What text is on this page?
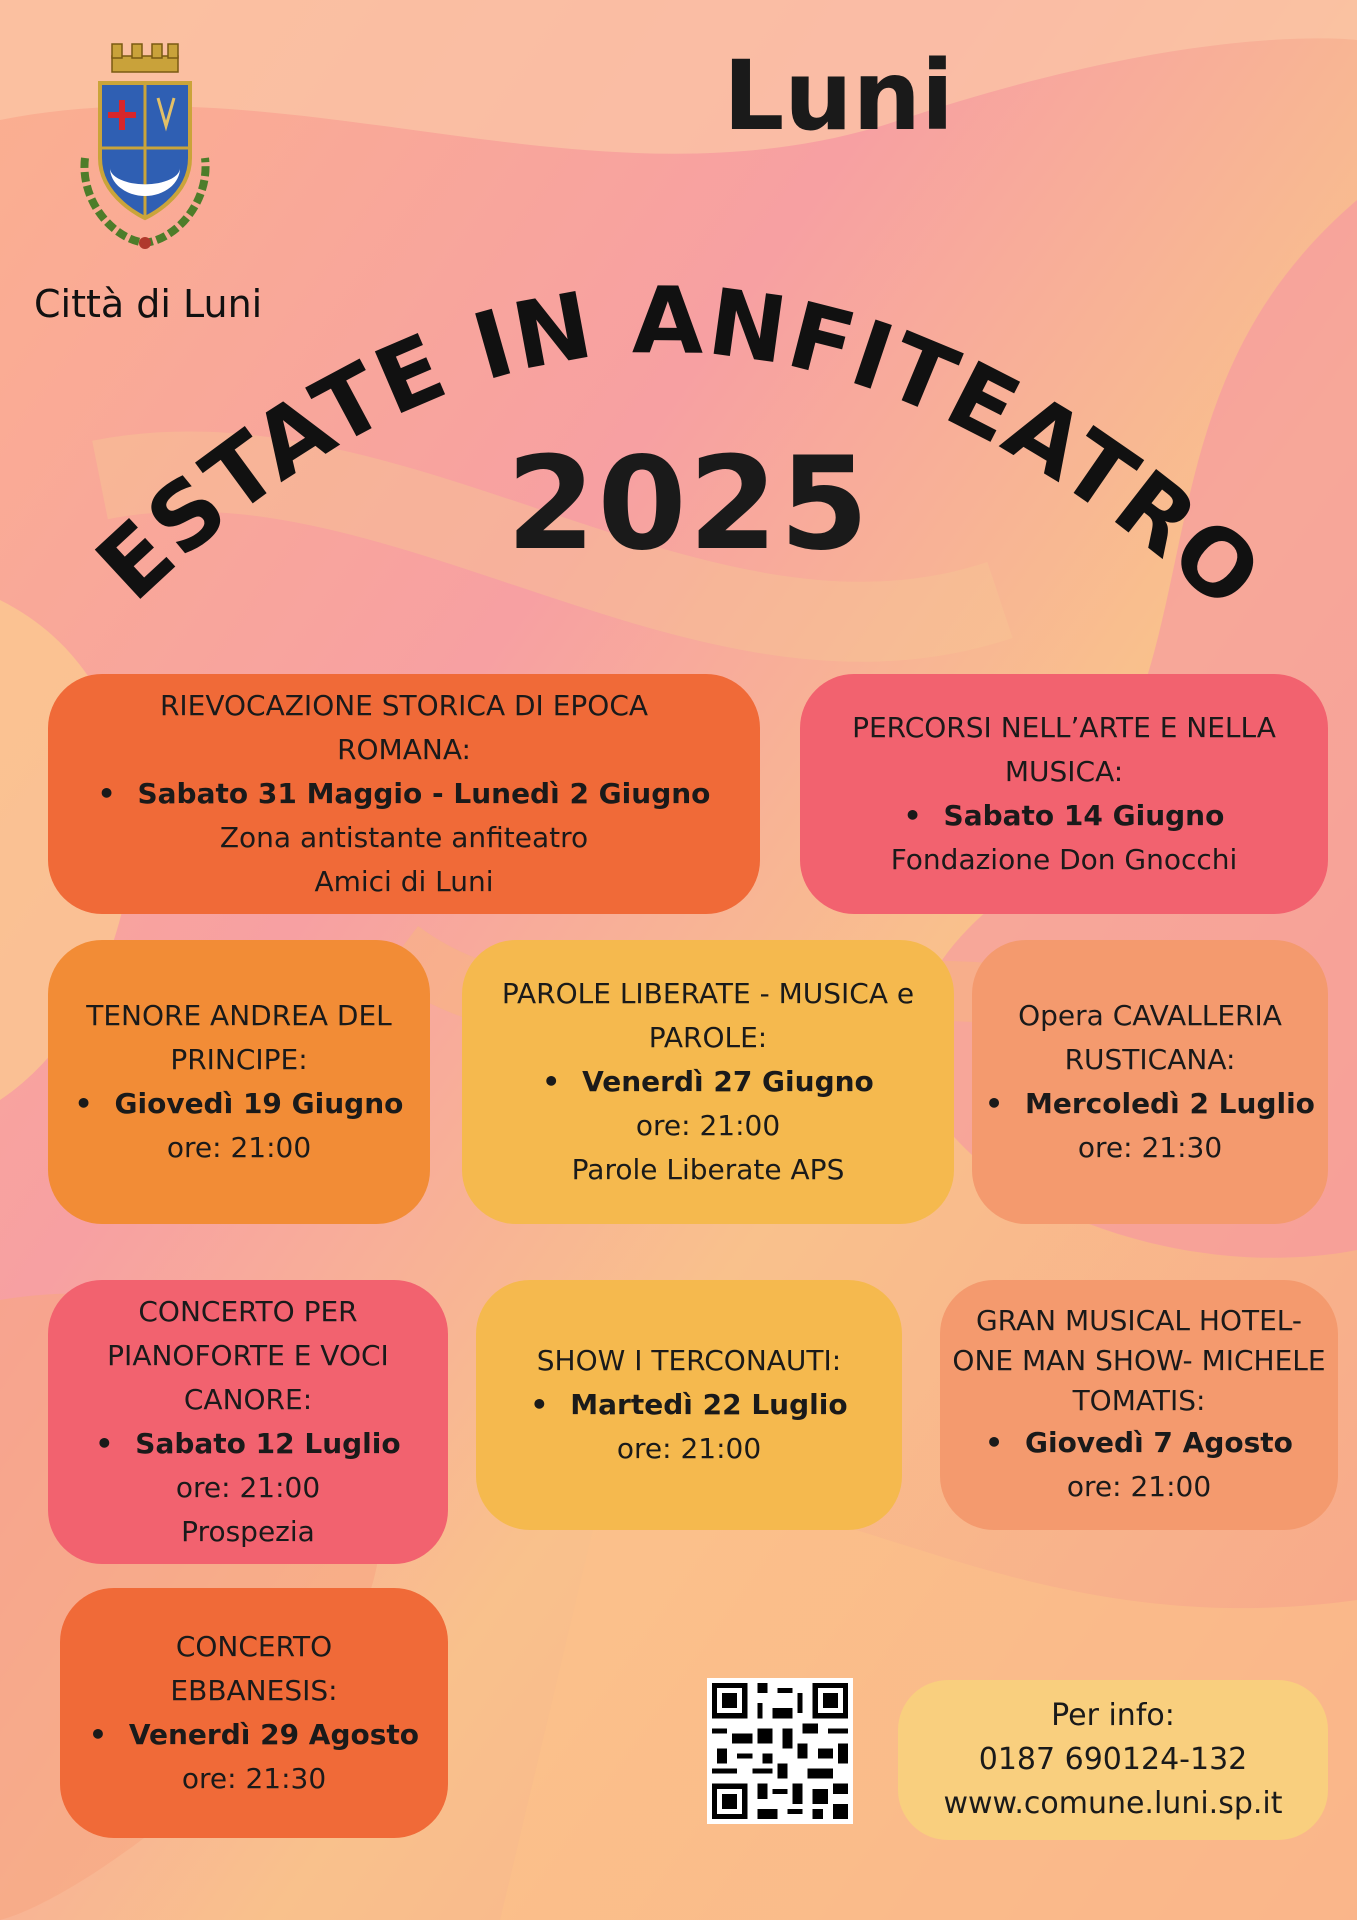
Città di Luni
Luni
ESTATE IN ANFITEATRO
2025
RIEVOCAZIONE STORICA DI EPOCA ROMANA:
• Sabato 31 Maggio - Lunedì 2 Giugno
Zona antistante anfiteatro
Amici di Luni
PERCORSI NELL’ARTE E NELLA MUSICA:
• Sabato 14 Giugno
Fondazione Don Gnocchi
TENORE ANDREA DEL PRINCIPE:
• Giovedì 19 Giugno
ore: 21:00
PAROLE LIBERATE - MUSICA e PAROLE:
• Venerdì 27 Giugno
ore: 21:00
Parole Liberate APS
Opera CAVALLERIA RUSTICANA:
• Mercoledì 2 Luglio
ore: 21:30
CONCERTO PER PIANOFORTE E VOCI CANORE:
• Sabato 12 Luglio
ore: 21:00
Prospezia
SHOW I TERCONAUTI:
• Martedì 22 Luglio
ore: 21:00
GRAN MUSICAL HOTEL- ONE MAN SHOW- MICHELE TOMATIS:
• Giovedì 7 Agosto
ore: 21:00
CONCERTO EBBANESIS:
• Venerdì 29 Agosto
ore: 21:30
Per info:
0187 690124-132
www.comune.luni.sp.it
